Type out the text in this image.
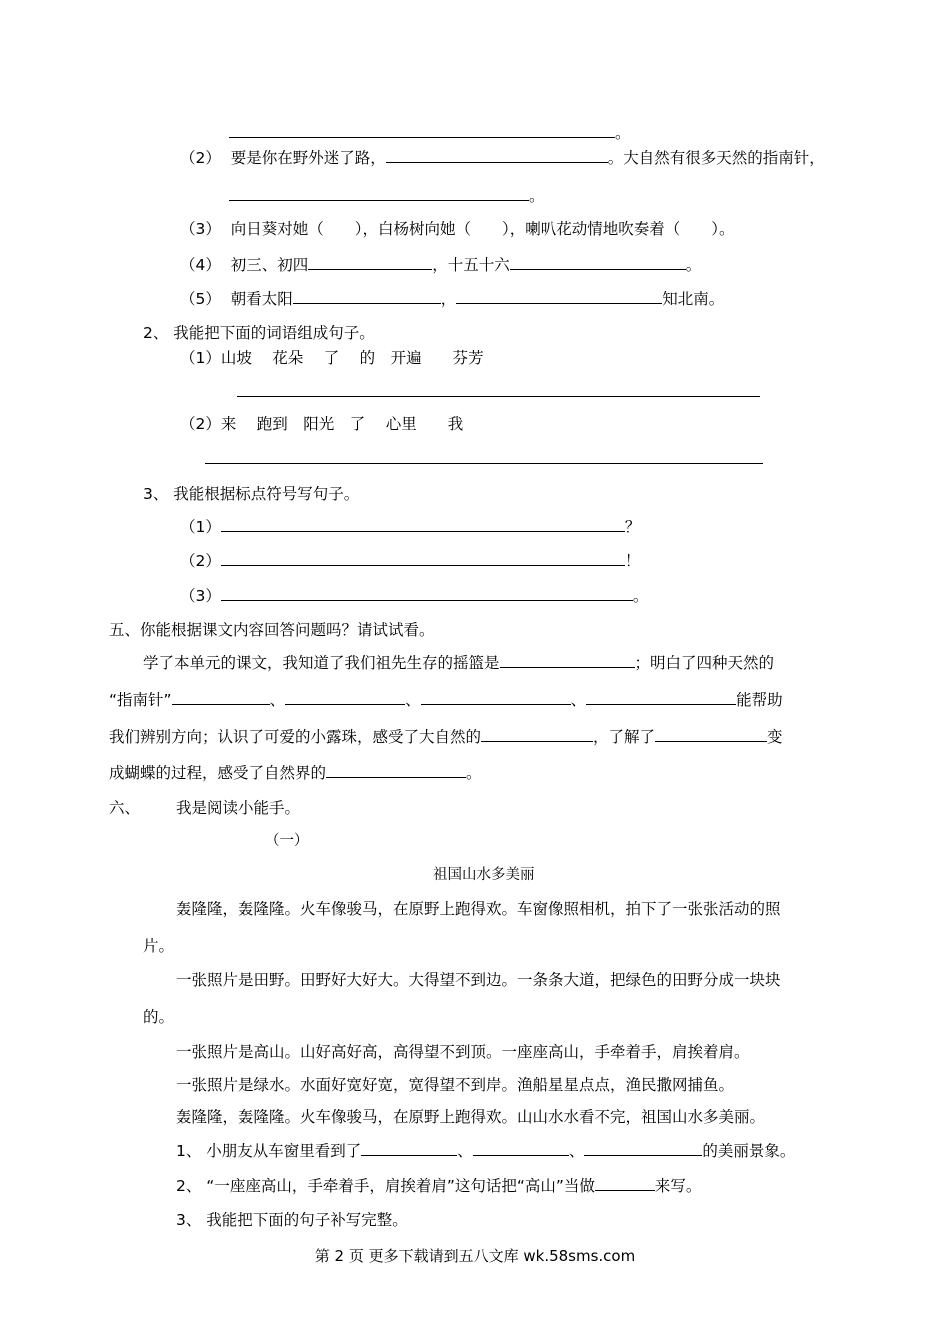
。
（2） 要是你在野外迷了路，	。大自然有很多天然的指南针，
。
（3） 向日葵对她（　　），白杨树向她（　　），喇叭花动情地吹奏着（　　）。
（4） 初三、初四	，十五十六	。
（5） 朝看太阳	，	知北南。
2、 我能把下面的词语组成句子。
（1）山坡　 花朵　 了　 的　开遍　　芬芳
（2）来　 跑到　阳光　了　 心里　　我
3、 我能根据标点符号写句子。
（1）	？
（2）	！
（3）	。
五、你能根据课文内容回答问题吗？请试试看。
学了本单元的课文，我知道了我们祖先生存的摇篮是	；明白了四种天然的
“指南针”	、	、	、	能帮助
我们辨别方向；认识了可爱的小露珠，感受了大自然的	，了解了	变
成蝴蝶的过程，感受了自然界的	。
六、 我是阅读小能手。
（一）
祖国山水多美丽
轰隆隆，轰隆隆。火车像骏马，在原野上跑得欢。车窗像照相机，拍下了一张张活动的照
片。
一张照片是田野。田野好大好大。大得望不到边。一条条大道，把绿色的田野分成一块块
的。
一张照片是高山。山好高好高，高得望不到顶。一座座高山，手牵着手，肩挨着肩。
一张照片是绿水。水面好宽好宽，宽得望不到岸。渔船星星点点，渔民撒网捕鱼。
轰隆隆，轰隆隆。火车像骏马，在原野上跑得欢。山山水水看不完，祖国山水多美丽。
1、 小朋友从车窗里看到了	、	、	的美丽景象。
2、 “一座座高山，手牵着手，肩挨着肩”这句话把“高山”当做	来写。
3、 我能把下面的句子补写完整。
第 2 页 更多下载请到五八文库 wk.58sms.com
